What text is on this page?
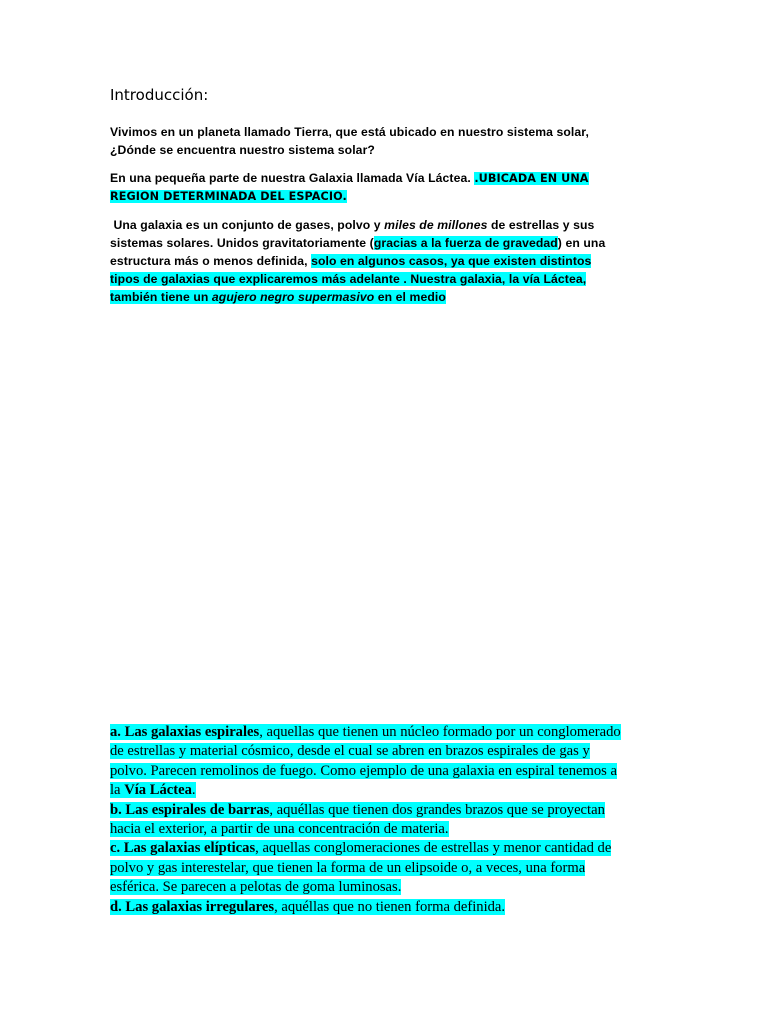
Introducción:
Vivimos en un planeta llamado Tierra, que está ubicado en nuestro sistema solar,
¿Dónde se encuentra nuestro sistema solar?
En una pequeña parte de nuestra Galaxia llamada Vía Láctea. .UBICADA EN UNA
REGION DETERMINADA DEL ESPACIO.
Una galaxia es un conjunto de gases, polvo y miles de millones de estrellas y sus
sistemas solares. Unidos gravitatoriamente (gracias a la fuerza de gravedad) en una
estructura más o menos definida, solo en algunos casos, ya que existen distintos
tipos de galaxias que explicaremos más adelante . Nuestra galaxia, la vía Láctea,
también tiene un agujero negro supermasivo en el medio
a. Las galaxias espirales, aquellas que tienen un núcleo formado por un conglomerado
de estrellas y material cósmico, desde el cual se abren en brazos espirales de gas y
polvo. Parecen remolinos de fuego. Como ejemplo de una galaxia en espiral tenemos a
la Vía Láctea.
b. Las espirales de barras, aquéllas que tienen dos grandes brazos que se proyectan
hacia el exterior, a partir de una concentración de materia.
c. Las galaxias elípticas, aquellas conglomeraciones de estrellas y menor cantidad de
polvo y gas interestelar, que tienen la forma de un elipsoide o, a veces, una forma
esférica. Se parecen a pelotas de goma luminosas.
d. Las galaxias irregulares, aquéllas que no tienen forma definida.
